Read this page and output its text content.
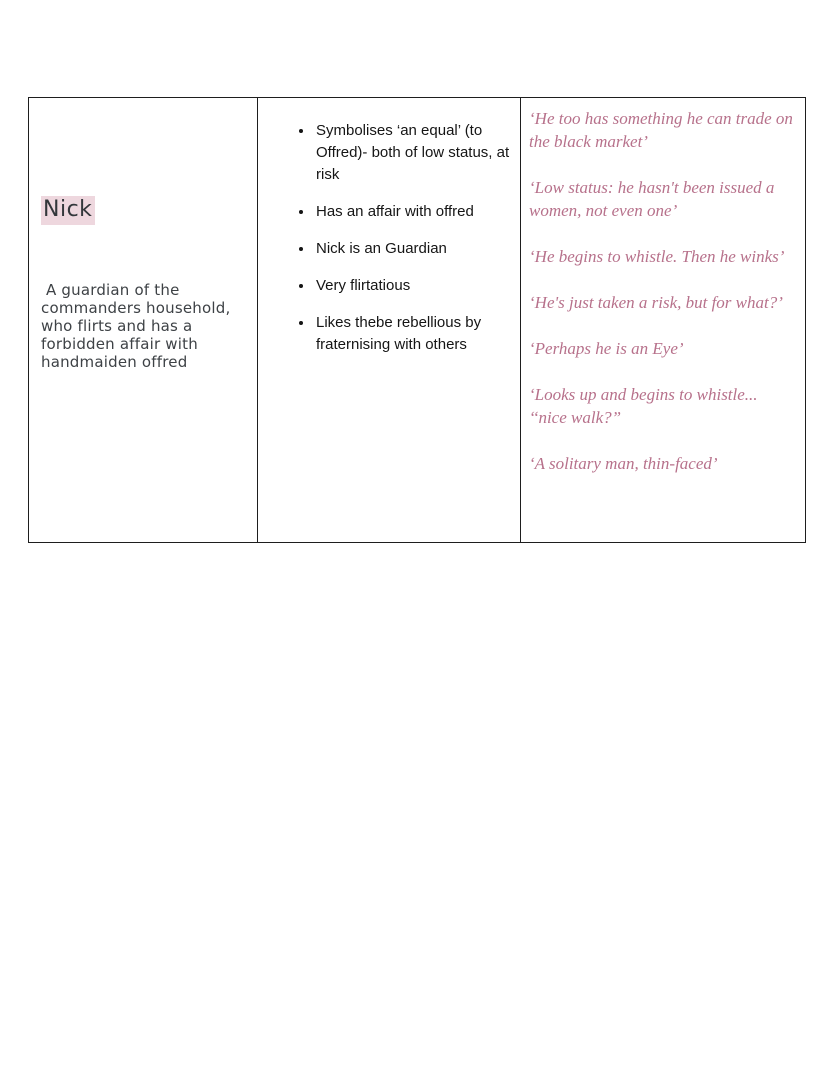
Nick

A guardian of the commanders household, who flirts and has a forbidden affair with handmaiden offred

• Symbolises ‘an equal’ (to Offred)- both of low status, at risk
• Has an affair with offred
• Nick is an Guardian
• Very flirtatious
• Likes thebe rebellious by fraternising with others

‘He too has something he can trade on the black market’

‘Low status: he hasn't been issued a women, not even one’

‘He begins to whistle. Then he winks’

‘He's just taken a risk, but for what?’

‘Perhaps he is an Eye’

‘Looks up and begins to whistle... ‘‘nice walk?”

‘A solitary man, thin-faced’
